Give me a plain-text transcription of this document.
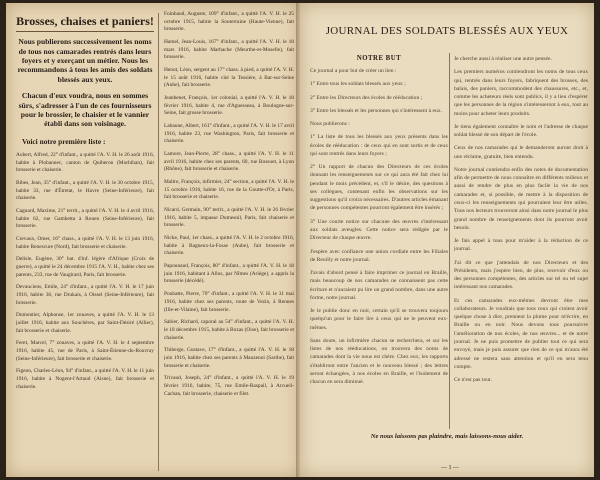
Brosses, chaises et paniers!

Nous publierons successivement les noms de tous nos camarades rentrés dans leurs foyers et y exerçant un métier. Nous les recommandons à tous les amis des soldats blessés aux yeux.

Chacun d'eux voudra, nous en sommes sûrs, s'adresser à l'un de ces fournisseurs pour le brossier, le chaisier et le vannier établi dans son voisinage.

Voici notre première liste :

Aubert, Alfred, 22° d'infant., a quitté l'A. V. H. le 26 août 1916, habite à Plobannec, canton de Quiberon (Morbihan), fait brosserie et chaiserie.

Bibes, Jean, 35° d'infant., a quitté l'A. V. H. le 30 octobre 1915, habite 33, rue d'Étretat, le Havre (Seine-Inférieure), fait chaiserie.

Cagnard, Maxime, 21° territ., a quitté l'A. V. H. le 4 avril 1916, habite 62, rue Gambetta à Rouen (Seine-Inférieure), fait brosserie.

Crevaux, Omer, 16° chass., a quitté l'A. V. H. le 13 juin 1916, habite Renescure (Nord), fait brosserie et chaiserie.

Delisle, Eugène, 30° bat. d'inf. légère d'Afrique (Croix de guerre), a quitté le 24 décembre 1915 l'A. V. H., habite chez ses parents, 233, rue de Vaugirard, Paris, fait brosserie.

Devauciens, Emile, 24° d'infant., a quitté l'A. V. H. le 17 juin 1916, habite 36, rue Drukais, à Oissel (Seine-Inférieure), fait brosserie.

Dumontier, Alphonse, 1er zouaves, a quitté l'A. V. H. le 13 juillet 1916, habite aux Souchères, par Saint-Désiré (Allier), fait brosserie et chaiserie.

Feret, Marcel, 7° zouaves, a quitté l'A. V. H. le 4 septembre 1916, habite 45, rue de Paris, à Saint-Étienne-du-Rouvray (Seine-Inférieure), fait brosserie et chaiserie.

Figeon, Charles-Léon, 94° d'infant., a quitté l'A. V. H. le 11 juin 1916, habite à Nogent-l'Artaud (Aisne), fait brosserie et chaiserie.

Foinbaud, Auguste, 109° d'infant., a quitté l'A. V. H. le 25 octobre 1915, habite la Souterraine (Haute-Vienne), fait brosserie.

Hamel, Jean-Louis, 167° d'infant., a quitté l'A. V. H. le 18 mars 1916, habite Marbache (Meurthe-et-Moselle), fait brosserie.

Henot, Léon, sergent au 17° chass. à pied, a quitté l'A. V. H. le 15 août 1916, habite cité la Tessière, à Bar-sur-Seine (Aube), fait brosserie.

Jeanbenet, François, 1er colonial, a quitté l'A. V. H. le 18 février 1916, habite 4, rue d'Aguesseau, à Boulogne-sur-Seine, fait grosse brosserie.

Labaune, Albert, 161° d'infant., a quitté l'A. V. H. le 17 avril 1916, habite 23, rue Washington, Paris, fait brosserie et chaiserie.

Lamure, Jean-Pierre, 28° chass., a quitté l'A. V. H. le 11 avril 1916, habite chez ses parents, 60, rue Bossuet, à Lyon (Rhône), fait brosserie et chaiserie.

Maltre, François, infirmier, 24° section, a quitté l'A. V. H. le 15 octobre 1916, habite 16, rue de la Goutte-d'Or, à Paris, fait brosserie et chaiserie.

Nicard, Germain, 90° territ., a quitté l'A. V. H. le 26 février 1916, habite 5, impasse Dumesnil, Paris, fait chaiserie et brosserie.

Nicke, Paul, 1er chass., a quitté l'A. V. H. le 2 octobre 1916, habite à Bagneux-la-Fosse (Aube), fait brosserie et chaiserie.

Papounaud, François, 80° d'infant., a quitté l'A. V. H. le 18 juin 1916, habitant à Allus, par Nîmes (Ariège), a appris la brosserie (décédé).

Poubatte, Pierre, 70° d'infant., a quitté l'A. V. H. le 31 mai 1916, habite chez ses parents, route de Vezin, à Rennes (Ille-et-Vilaine), fait brosserie.

Sabier, Richard, caporal au 54° d'infant., a quitté l'A. V. H. le 18 décembre 1915, habite à Bozas (Oise), fait brosserie et chaiserie.

Thiberge, Gustave, 17° d'infant., a quitté l'A. V. H. le 18 juin 1916, habite chez ses parents à Mauzenoi (Sarthe), fait brosserie et chaiserie.

Trivaud, Joseph, 24° d'infant., a quitté l'A. V. H. le 19 février 1916, habite, 75, rue Emile-Raspail, à Arcueil-Cachan, fait brosserie, chaiserie et filet.

JOURNAL DES SOLDATS BLESSÉS AUX YEUX
NOTRE BUT

Ce journal a pour but de créer un lien :

1° Entre tous les soldats blessés aux yeux ;

2° Entre les Directeurs des écoles de rééducation ;

3° Entre les blessés et les personnes qui s'intéressent à eux.

Nous publierons :

1° La liste de tous les blessés aux yeux présents dans les écoles de rééducation : de ceux qui en sont sortis et de ceux qui sont rentrés dans leurs foyers ;

2° Un rapport de chacun des Directeurs de ces écoles donnant les renseignements sur ce qui aura été fait chez lui pendant le mois précédent, et, s'il le désire, des questions à ses collègues, contenant enfin les observations sur les suggestions qu'il croira nécessaires. D'autres articles émanant de personnes compétentes pourront également être insérés ;

3° Une courte notice sur chacune des œuvres s'intéressant aux soldats aveugles. Cette notice sera rédigée par le Directeur de chaque œuvre.

J'espère avec confiance une union cordiale entre les Filiales de Reuilly et notre journal.

J'avais d'abord pensé à faire imprimer ce journal en Braille, mais beaucoup de nos camarades ne connaissent pas cette écriture et n'auraient pu lire un grand nombre, dans une autre forme, notre journal.

Je le publie donc en noir, certain qu'il se trouvera toujours quelqu'un pour le faire lire à ceux qui ne le peuvent eux-mêmes.

Sans doute, un infirmière chacun se recherchera, et sur les listes de nos rééducations, on trouvera des noms de camarades dont la vie nous est chère. Chez eux, les rapports s'établiront entre l'ancien et le nouveau blessé ; des lettres seront échangées, à nos écoles en Braille, et l'isolement de chacun en sera diminué.

Je cherche aussi à réaliser une autre pensée.

Les premiers numéros contiendront les noms de tous ceux qui, rentrés dans leurs foyers, fabriquent des brosses, des balais, des paniers, raccommodent des chaussures, etc., et, comme les acheteurs réels sont publics, il y a lieu d'espérer que les personnes de la région s'intéresseront à eux, tout au moins pour acheter leurs produits.

Je tiens également connaître le nom et l'adresse de chaque soldat blessé de son départ de l'école.

Ceux de nos camarades qui le demanderont auront droit à une réclame, gratuite, bien entendu.

Notre journal contiendra enfin des notes de documentation afin de permettre de nous connaître en différents milieux et aussi de rendre de plus en plus facile la vie de nos camarades et, si possible, de mettre à la disposition de ceux-ci les renseignements qui pourraient leur être utiles. Tous nos lecteurs trouveront ainsi dans notre journal le plus grand nombre de renseignements dont ils pourront avoir besoin.

Je fais appel à tous pour m'aider à la réduction de ce journal.

J'ai dit ce que j'attendais de nos Directeurs et des Présidents, mais j'espère bien, de plus, recevoir d'eux ou des personnes compétentes, des articles sur tel ou tel sujet intéressant nos camarades.

Et ces camarades eux-mêmes devront être mes collaborateurs. Je voudrais que tous ceux qui croient avoir quelque chose à dire, prennent la plume pour m'écrire, en Braille ou en noir. Nous devons tous poursuivre l'amélioration de nos écoles, de nos œuvres... et de notre journal. Je ne puis promettre de publier tout ce qui sera envoyé, mais je puis assurer que rien de ce qui m'aura été adressé ne restera sans attention et qu'il en sera tenu compte.

Ce n'est pas tout.

Ne nous laissons pas plaindre, mais laissons-nous aider.
— 1 —
